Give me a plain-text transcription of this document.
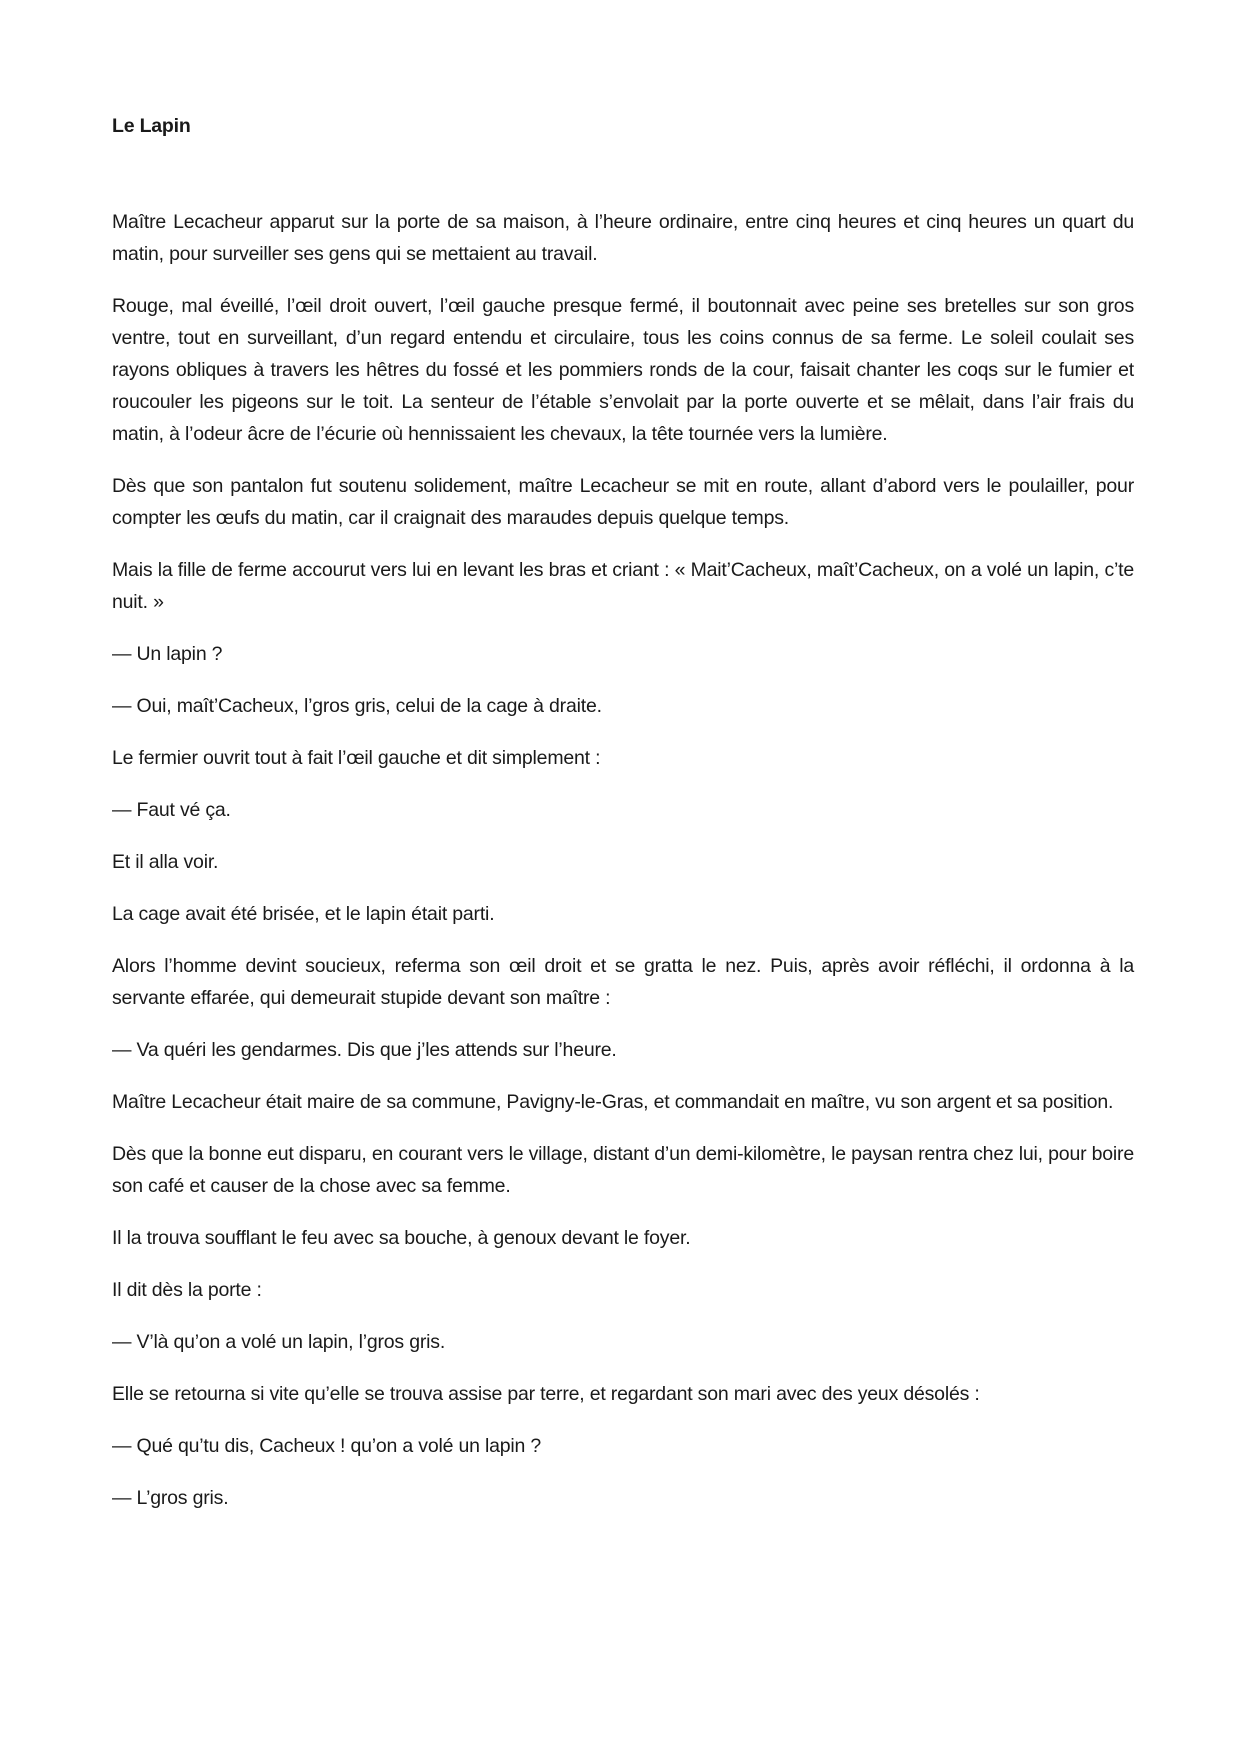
Le Lapin

Maître Lecacheur apparut sur la porte de sa maison, à l’heure ordinaire, entre cinq heures et cinq heures un quart du matin, pour surveiller ses gens qui se mettaient au travail.

Rouge, mal éveillé, l’œil droit ouvert, l’œil gauche presque fermé, il boutonnait avec peine ses bretelles sur son gros ventre, tout en surveillant, d’un regard entendu et circulaire, tous les coins connus de sa ferme. Le soleil coulait ses rayons obliques à travers les hêtres du fossé et les pommiers ronds de la cour, faisait chanter les coqs sur le fumier et roucouler les pigeons sur le toit. La senteur de l’étable s’envolait par la porte ouverte et se mêlait, dans l’air frais du matin, à l’odeur âcre de l’écurie où hennissaient les chevaux, la tête tournée vers la lumière.

Dès que son pantalon fut soutenu solidement, maître Lecacheur se mit en route, allant d’abord vers le poulailler, pour compter les œufs du matin, car il craignait des maraudes depuis quelque temps.

Mais la fille de ferme accourut vers lui en levant les bras et criant : « Mait’Cacheux, maît’Cacheux, on a volé un lapin, c’te nuit. »

— Un lapin ?

— Oui, maît’Cacheux, l’gros gris, celui de la cage à draite.

Le fermier ouvrit tout à fait l’œil gauche et dit simplement :

— Faut vé ça.

Et il alla voir.

La cage avait été brisée, et le lapin était parti.

Alors l’homme devint soucieux, referma son œil droit et se gratta le nez. Puis, après avoir réfléchi, il ordonna à la servante effarée, qui demeurait stupide devant son maître :

— Va quéri les gendarmes. Dis que j’les attends sur l’heure.

Maître Lecacheur était maire de sa commune, Pavigny-le-Gras, et commandait en maître, vu son argent et sa position.

Dès que la bonne eut disparu, en courant vers le village, distant d’un demi-kilomètre, le paysan rentra chez lui, pour boire son café et causer de la chose avec sa femme.

Il la trouva soufflant le feu avec sa bouche, à genoux devant le foyer.

Il dit dès la porte :

— V’là qu’on a volé un lapin, l’gros gris.

Elle se retourna si vite qu’elle se trouva assise par terre, et regardant son mari avec des yeux désolés :

— Qué qu’tu dis, Cacheux ! qu’on a volé un lapin ?

— L’gros gris.
